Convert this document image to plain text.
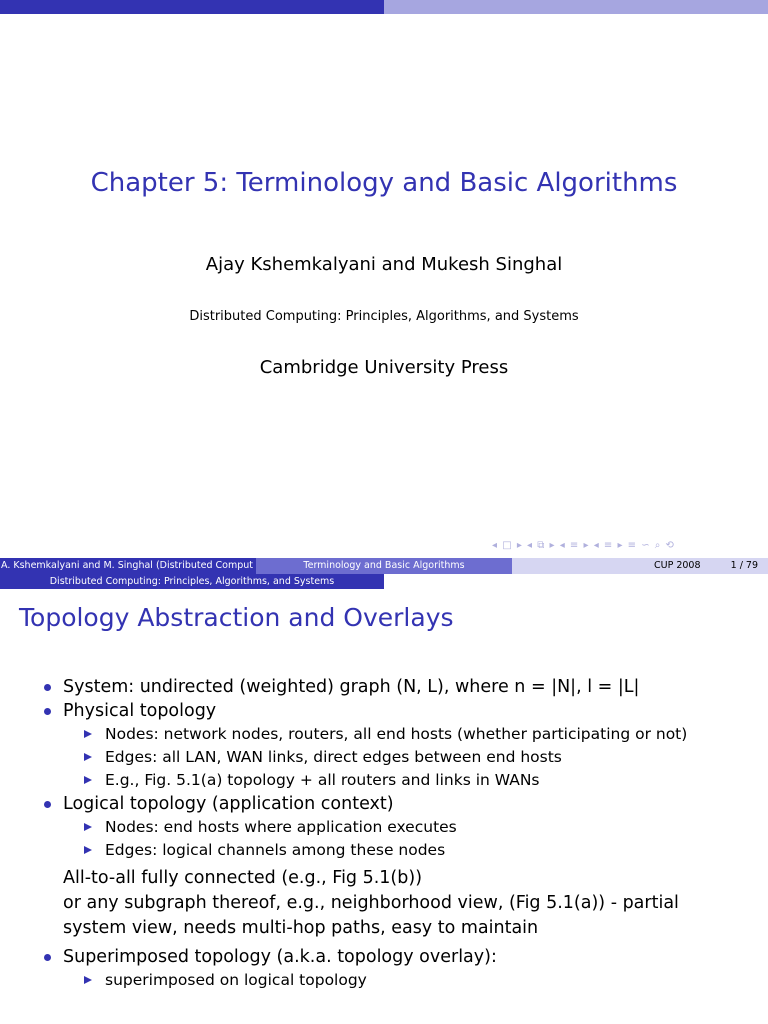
Chapter 5: Terminology and Basic Algorithms
Ajay Kshemkalyani and Mukesh Singhal
Distributed Computing: Principles, Algorithms, and Systems
Cambridge University Press
◂ □ ▸ ◂ ⧉ ▸ ◂ ≡ ▸ ◂ ≡ ▸ ≡ ∽ ⌕ ⟲
A. Kshemkalyani and M. Singhal (Distributed Comput	Terminology and Basic Algorithms	CUP 2008	1 / 79
Distributed Computing: Principles, Algorithms, and Systems
Topology Abstraction and Overlays
System: undirected (weighted) graph (N, L), where n = |N|, l = |L|
Physical topology
Nodes: network nodes, routers, all end hosts (whether participating or not)
Edges: all LAN, WAN links, direct edges between end hosts
E.g., Fig. 5.1(a) topology + all routers and links in WANs
Logical topology (application context)
Nodes: end hosts where application executes
Edges: logical channels among these nodes
All-to-all fully connected (e.g., Fig 5.1(b))
or any subgraph thereof, e.g., neighborhood view, (Fig 5.1(a)) - partial system view, needs multi-hop paths, easy to maintain
Superimposed topology (a.k.a. topology overlay):
superimposed on logical topology
